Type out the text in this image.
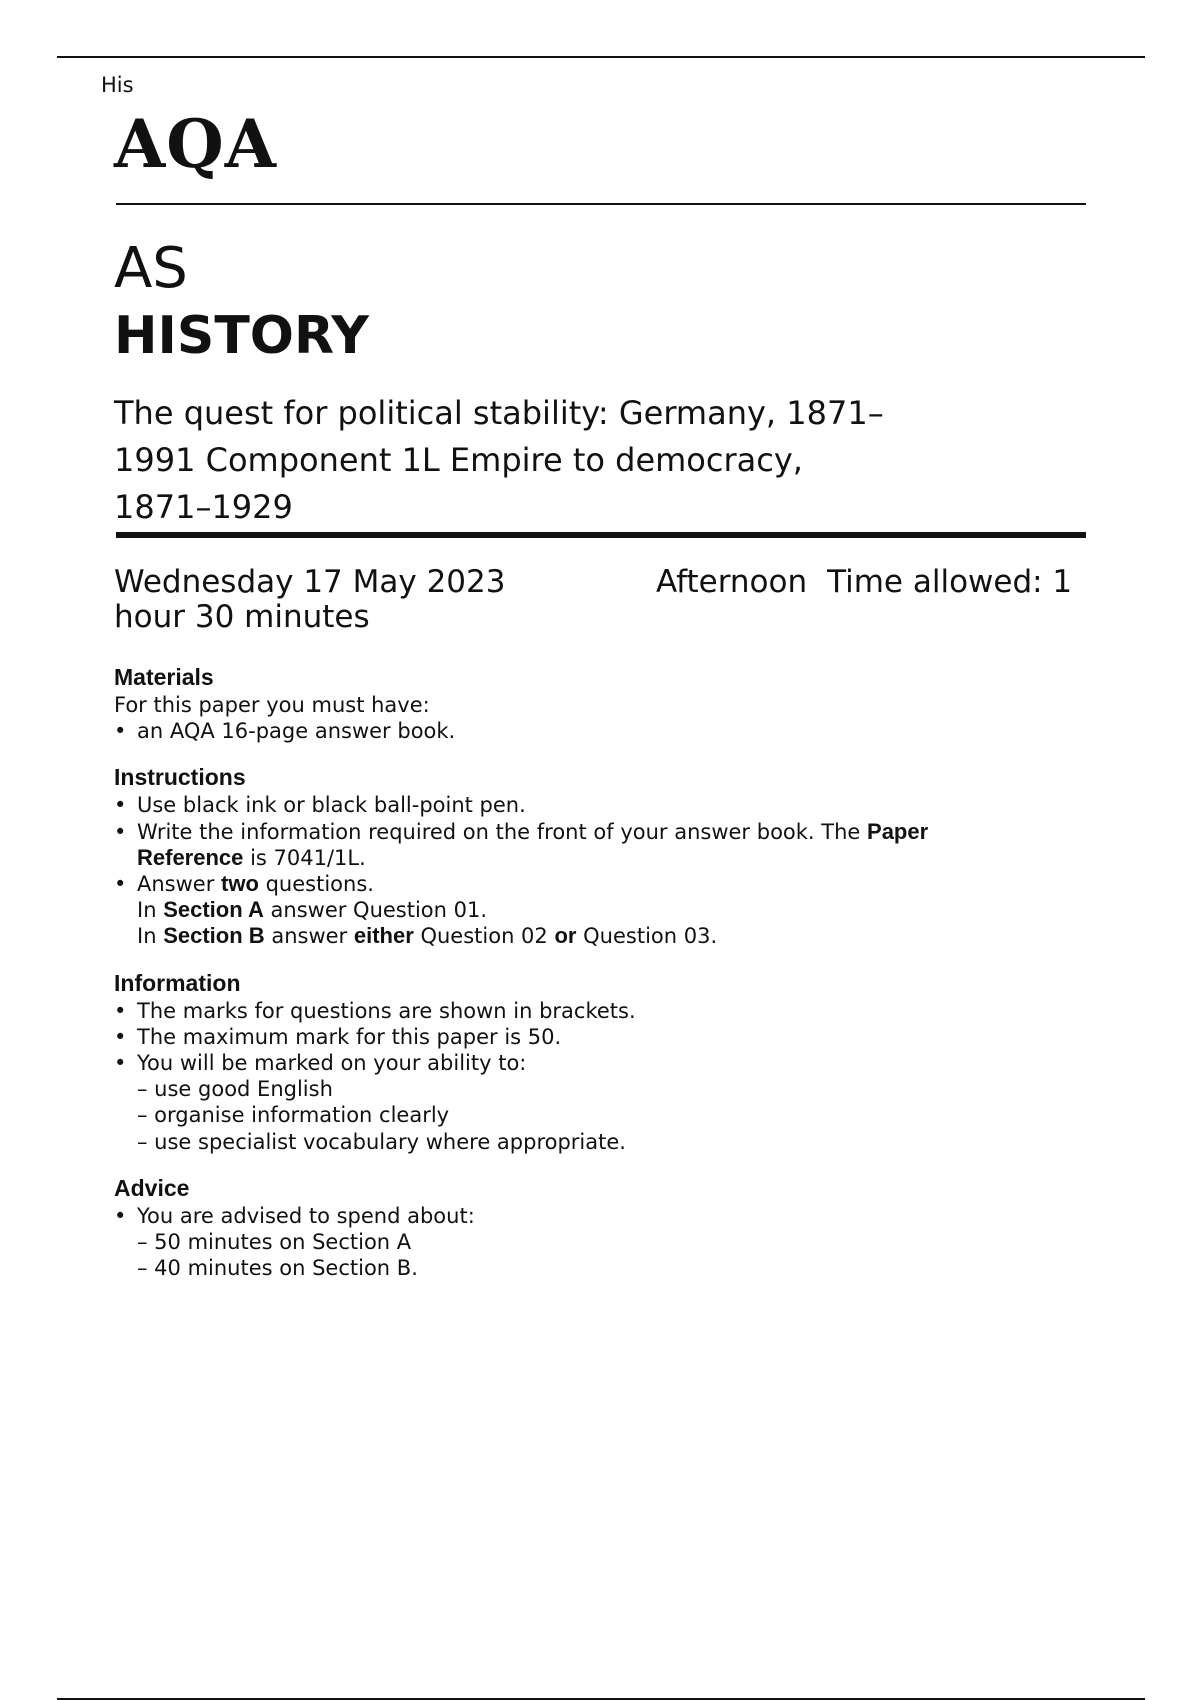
His
AQA
AS
HISTORY
The quest for political stability: Germany, 1871–
1991 Component 1L Empire to democracy,
1871–1929
Wednesday 17 May 2023	Afternoon Time allowed: 1
hour 30 minutes
Materials

For this paper you must have:

• an AQA 16-page answer book.
Instructions
• Use black ink or black ball-point pen.
• Write the information required on the front of your answer book. The Paper
Reference is 7041/1L.
• Answer two questions.
In Section A answer Question 01.
In Section B answer either Question 02 or Question 03.
Information
• The marks for questions are shown in brackets.
• The maximum mark for this paper is 50.
• You will be marked on your ability to:
– use good English
– organise information clearly
– use specialist vocabulary where appropriate.
Advice
• You are advised to spend about:
– 50 minutes on Section A
– 40 minutes on Section B.
